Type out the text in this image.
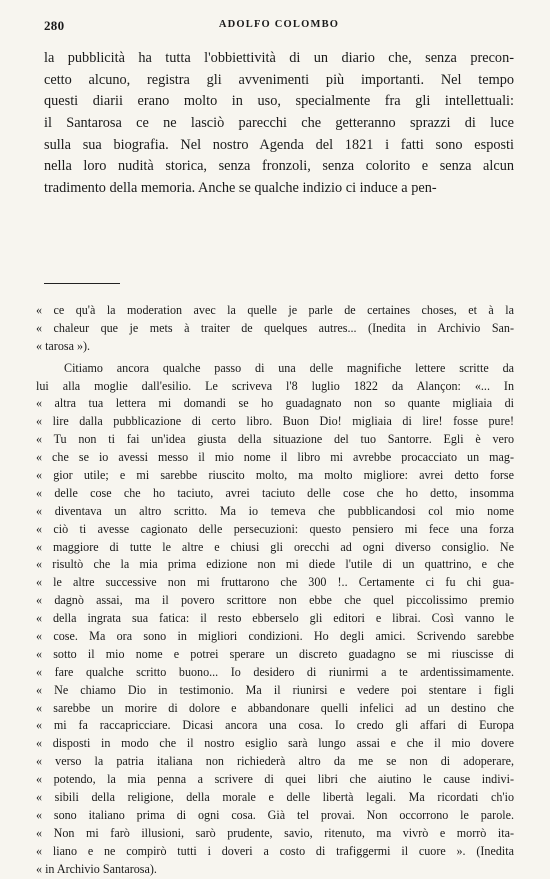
280	ADOLFO COLOMBO
la pubblicità ha tutta l'obbiettività di un diario che, senza precon-
cetto alcuno, registra gli avvenimenti più importanti. Nel tempo
questi diarii erano molto in uso, specialmente fra gli intellettuali:
il Santarosa ce ne lasciò parecchi che getteranno sprazzi di luce
sulla sua biografia. Nel nostro Agenda del 1821 i fatti sono esposti
nella loro nudità storica, senza fronzoli, senza colorito e senza alcun
tradimento della memoria. Anche se qualche indizio ci induce a pen-
« ce qu'à la moderation avec la quelle je parle de certaines choses, et à la
« chaleur que je mets à traiter de quelques autres... (Inedita in Archivio San-
« tarosa »).
Citiamo ancora qualche passo di una delle magnifiche lettere scritte da
lui alla moglie dall'esilio. Le scriveva l'8 luglio 1822 da Alançon: «... In
« altra tua lettera mi domandi se ho guadagnato non so quante migliaia di
« lire dalla pubblicazione di certo libro. Buon Dio! migliaia di lire! fosse pure!
« Tu non ti fai un'idea giusta della situazione del tuo Santorre. Egli è vero
« che se io avessi messo il mio nome il libro mi avrebbe procacciato un mag-
« gior utile; e mi sarebbe riuscito molto, ma molto migliore: avrei detto forse
« delle cose che ho taciuto, avrei taciuto delle cose che ho detto, insomma
« diventava un altro scritto. Ma io temeva che pubblicandosi col mio nome
« ciò ti avesse cagionato delle persecuzioni: questo pensiero mi fece una forza
« maggiore di tutte le altre e chiusi gli orecchi ad ogni diverso consiglio. Ne
« risultò che la mia prima edizione non mi diede l'utile di un quattrino, e che
« le altre successive non mi fruttarono che 300 !.. Certamente ci fu chi gua-
« dagnò assai, ma il povero scrittore non ebbe che quel piccolissimo premio
« della ingrata sua fatica: il resto ebberselo gli editori e librai. Così vanno le
« cose. Ma ora sono in migliori condizioni. Ho degli amici. Scrivendo sarebbe
« sotto il mio nome e potrei sperare un discreto guadagno se mi riuscisse di
« fare qualche scritto buono... Io desidero di riunirmi a te ardentissimamente.
« Ne chiamo Dio in testimonio. Ma il riunirsi e vedere poi stentare i figli
« sarebbe un morire di dolore e abbandonare quelli infelici ad un destino che
« mi fa raccapricciare. Dicasi ancora una cosa. Io credo gli affari di Europa
« disposti in modo che il nostro esiglio sarà lungo assai e che il mio dovere
« verso la patria italiana non richiederà altro da me se non di adoperare,
« potendo, la mia penna a scrivere di quei libri che aiutino le cause indivi-
« sibili della religione, della morale e delle libertà legali. Ma ricordati ch'io
« sono italiano prima di ogni cosa. Già tel provai. Non occorrono le parole.
« Non mi farò illusioni, sarò prudente, savio, ritenuto, ma vivrò e morrò ita-
« liano e ne compirò tutti i doveri a costo di trafiggermi il cuore ». (Inedita
« in Archivio Santarosa).
